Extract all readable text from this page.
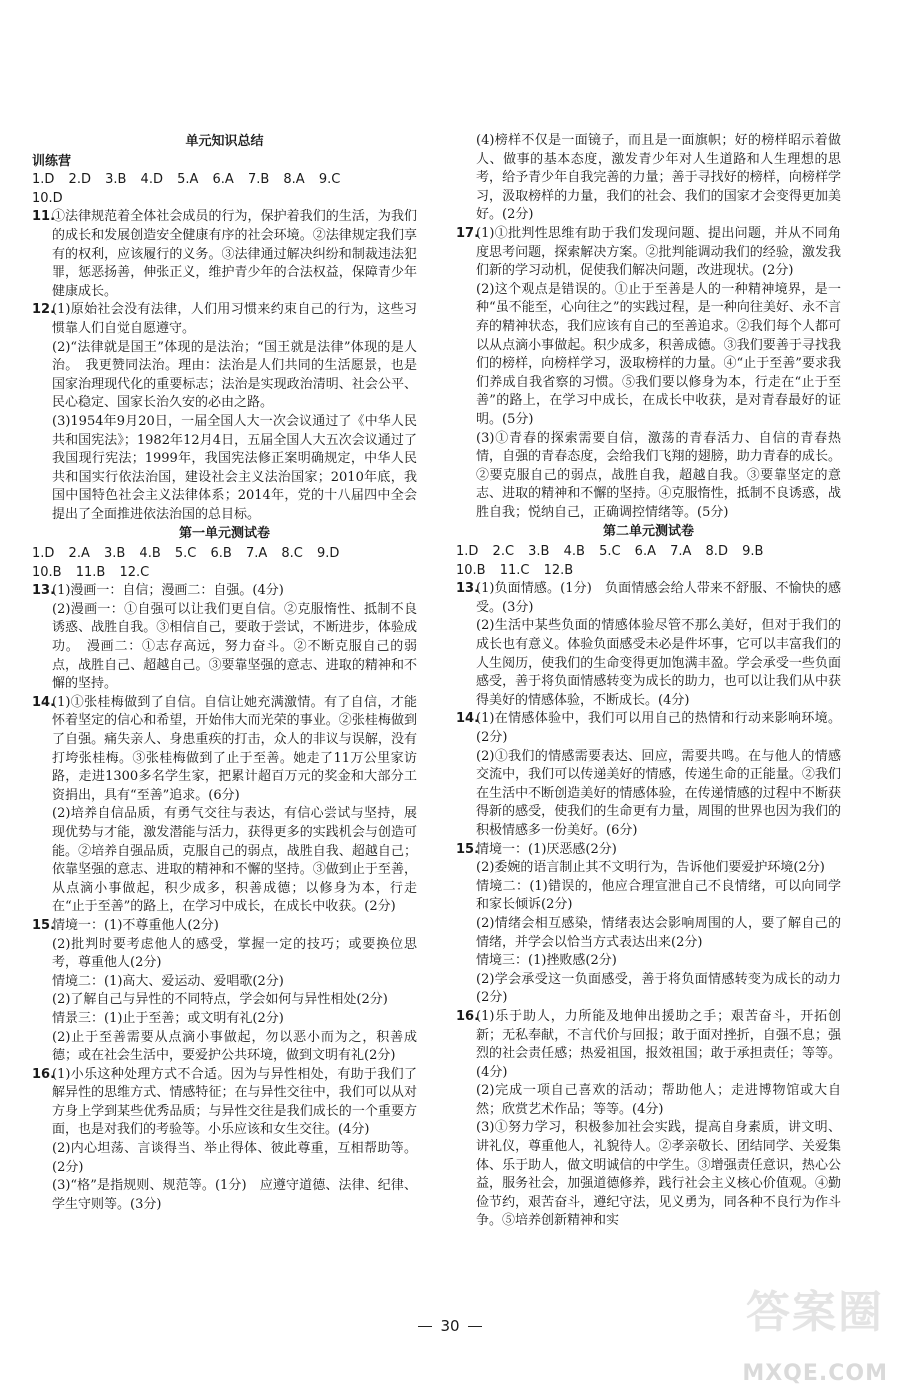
单元知识总结
训练营
1.D 2.D 3.B 4.D 5.A 6.A 7.B 8.A 9.C
10.D
11.

①法律规范着全体社会成员的行为，保护着我们的生活，为我们的成长和发展创造安全健康有序的社会环境。②法律规定我们享有的权利，应该履行的义务。③法律通过解决纠纷和制裁违法犯罪，惩恶扬善，伸张正义，维护青少年的合法权益，保障青少年健康成长。

12.

(1)原始社会没有法律，人们用习惯来约束自己的行为，这些习惯靠人们自觉自愿遵守。

(2)“法律就是国王”体现的是法治；“国王就是法律”体现的是人治。　我更赞同法治。理由：法治是人们共同的生活愿景，也是国家治理现代化的重要标志；法治是实现政治清明、社会公平、民心稳定、国家长治久安的必由之路。

(3)1954年9月20日，一届全国人大一次会议通过了《中华人民共和国宪法》；1982年12月4日，五届全国人大五次会议通过了我国现行宪法；1999年，我国宪法修正案明确规定，中华人民共和国实行依法治国，建设社会主义法治国家；2010年底，我国中国特色社会主义法律体系；2014年，党的十八届四中全会提出了全面推进依法治国的总目标。

第一单元测试卷
1.D 2.A 3.B 4.B 5.C 6.B 7.A 8.C 9.D
10.B 11.B 12.C
13.

(1)漫画一：自信；漫画二：自强。(4分)

(2)漫画一：①自强可以让我们更自信。②克服惰性、抵制不良诱惑、战胜自我。③相信自己，要敢于尝试，不断进步，体验成功。　漫画二：①志存高远，努力奋斗。②不断克服自己的弱点，战胜自己、超越自己。③要靠坚强的意志、进取的精神和不懈的坚持。

14.

(1)①张桂梅做到了自信。自信让她充满激情。有了自信，才能怀着坚定的信心和希望，开始伟大而光荣的事业。②张桂梅做到了自强。痛失亲人、身患重疾的打击，众人的非议与误解，没有打垮张桂梅。③张桂梅做到了止于至善。她走了11万公里家访路，走进1300多名学生家，把累计超百万元的奖金和大部分工资捐出，具有“至善”追求。(6分)

(2)培养自信品质，有勇气交往与表达，有信心尝试与坚持，展现优势与才能，激发潜能与活力，获得更多的实践机会与创造可能。②培养自强品质，克服自己的弱点，战胜自我、超越自己；依靠坚强的意志、进取的精神和不懈的坚持。③做到止于至善，从点滴小事做起，积少成多，积善成德；以修身为本，行走在“止于至善”的路上，在学习中成长，在成长中收获。(2分)

15.

情境一：(1)不尊重他人(2分)

(2)批判时要考虑他人的感受，掌握一定的技巧；或要换位思考，尊重他人(2分)

情境二：(1)高大、爱运动、爱唱歌(2分)

(2)了解自己与异性的不同特点，学会如何与异性相处(2分)

情景三：(1)止于至善；或文明有礼(2分)

(2)止于至善需要从点滴小事做起，勿以恶小而为之，积善成德；或在社会生活中，要爱护公共环境，做到文明有礼(2分)

16.

(1)小乐这种处理方式不合适。因为与异性相处，有助于我们了解异性的思维方式、情感特征；在与异性交往中，我们可以从对方身上学到某些优秀品质；与异性交往是我们成长的一个重要方面，也是对我们的考验等。小乐应该和女生交往。(4分)

(2)内心坦荡、言谈得当、举止得体、彼此尊重，互相帮助等。(2分)

(3)“格”是指规则、规范等。(1分)　应遵守道德、法律、纪律、学生守则等。(3分)

(4)榜样不仅是一面镜子，而且是一面旗帜；好的榜样昭示着做人、做事的基本态度，激发青少年对人生道路和人生理想的思考，给予青少年自我完善的力量；善于寻找好的榜样，向榜样学习，汲取榜样的力量，我们的社会、我们的国家才会变得更加美好。(2分)

17.

(1)①批判性思维有助于我们发现问题、提出问题，并从不同角度思考问题，探索解决方案。②批判能调动我们的经验，激发我们新的学习动机，促使我们解决问题，改进现状。(2分)

(2)这个观点是错误的。①止于至善是人的一种精神境界，是一种“虽不能至，心向往之”的实践过程，是一种向往美好、永不言弃的精神状态，我们应该有自己的至善追求。②我们每个人都可以从点滴小事做起。积少成多，积善成德。③我们要善于寻找我们的榜样，向榜样学习，汲取榜样的力量。④“止于至善”要求我们养成自我省察的习惯。⑤我们要以修身为本，行走在“止于至善”的路上，在学习中成长，在成长中收获，是对青春最好的证明。(5分)

(3)①青春的探索需要自信，激荡的青春活力、自信的青春热情，自强的青春态度，会给我们飞翔的翅膀，助力青春的成长。②要克服自己的弱点，战胜自我，超越自我。③要靠坚定的意志、进取的精神和不懈的坚持。④克服惰性，抵制不良诱惑，战胜自我；悦纳自己，正确调控情绪等。(5分)

第二单元测试卷
1.D 2.C 3.B 4.B 5.C 6.A 7.A 8.D 9.B
10.B 11.C 12.B
13.

(1)负面情感。(1分)　负面情感会给人带来不舒服、不愉快的感受。(3分)

(2)生活中某些负面的情感体验尽管不那么美好，但对于我们的成长也有意义。体验负面感受未必是件坏事，它可以丰富我们的人生阅历，使我们的生命变得更加饱满丰盈。学会承受一些负面感受，善于将负面情感转变为成长的助力，也可以让我们从中获得美好的情感体验，不断成长。(4分)

14.

(1)在情感体验中，我们可以用自己的热情和行动来影响环境。(2分)

(2)①我们的情感需要表达、回应，需要共鸣。在与他人的情感交流中，我们可以传递美好的情感，传递生命的正能量。②我们在生活中不断创造美好的情感体验，在传递情感的过程中不断获得新的感受，使我们的生命更有力量，周围的世界也因为我们的积极情感多一份美好。(6分)

15.

情境一：(1)厌恶感(2分)

(2)委婉的语言制止其不文明行为，告诉他们要爱护环境(2分)

情境二：(1)错误的，他应合理宣泄自己不良情绪，可以向同学和家长倾诉(2分)

(2)情绪会相互感染，情绪表达会影响周围的人，要了解自己的情绪，并学会以恰当方式表达出来(2分)

情境三：(1)挫败感(2分)

(2)学会承受这一负面感受，善于将负面情感转变为成长的动力(2分)

16.

(1)乐于助人，力所能及地伸出援助之手；艰苦奋斗，开拓创新；无私奉献，不言代价与回报；敢于面对挫折，自强不息；强烈的社会责任感；热爱祖国，报效祖国；敢于承担责任；等等。(4分)

(2)完成一项自己喜欢的活动；帮助他人；走进博物馆或大自然；欣赏艺术作品；等等。(4分)

(3)①努力学习，积极参加社会实践，提高自身素质，讲文明、讲礼仪，尊重他人，礼貌待人。②孝亲敬长、团结同学、关爱集体、乐于助人，做文明诚信的中学生。③增强责任意识，热心公益，服务社会，加强道德修养，践行社会主义核心价值观。④勤俭节约，艰苦奋斗，遵纪守法，见义勇为，同各种不良行为作斗争。⑤培养创新精神和实

30	答案圈
MXQE.COM
